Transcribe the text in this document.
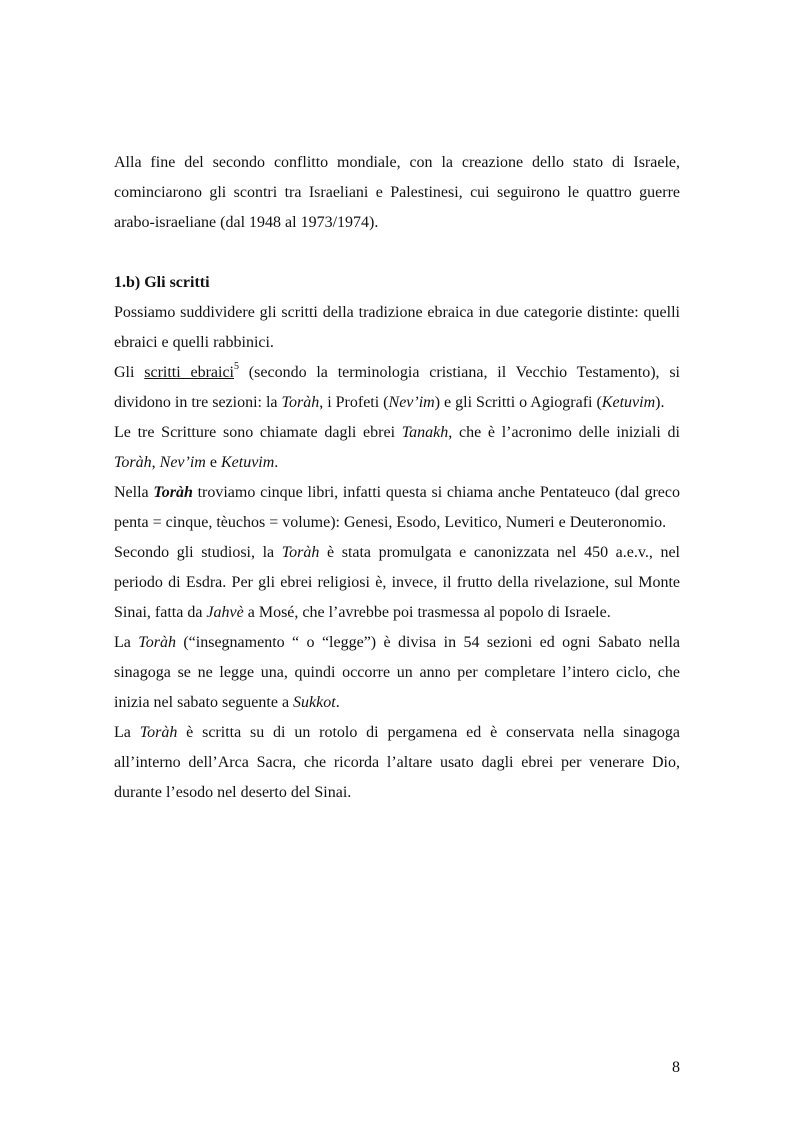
Alla fine del secondo conflitto mondiale, con la creazione dello stato di Israele, cominciarono gli scontri tra Israeliani e Palestinesi, cui seguirono le quattro guerre arabo-israeliane (dal 1948 al 1973/1974).

1.b) Gli scritti

Possiamo suddividere gli scritti della tradizione ebraica in due categorie distinte: quelli ebraici e quelli rabbinici.

Gli scritti ebraici$^5$ (secondo la terminologia cristiana, il Vecchio Testamento), si dividono in tre sezioni: la Toràh, i Profeti (Nev’im) e gli Scritti o Agiografi (Ketuvim).

Le tre Scritture sono chiamate dagli ebrei Tanakh, che è l’acronimo delle iniziali di Toràh, Nev’im e Ketuvim.

Nella Toràh troviamo cinque libri, infatti questa si chiama anche Pentateuco (dal greco penta = cinque, tèuchos = volume): Genesi, Esodo, Levitico, Numeri e Deuteronomio.

Secondo gli studiosi, la Toràh è stata promulgata e canonizzata nel 450 a.e.v., nel periodo di Esdra. Per gli ebrei religiosi è, invece, il frutto della rivelazione, sul Monte Sinai, fatta da Jahvè a Mosé, che l’avrebbe poi trasmessa al popolo di Israele.

La Toràh (“insegnamento “ o “legge”) è divisa in 54 sezioni ed ogni Sabato nella sinagoga se ne legge una, quindi occorre un anno per completare l’intero ciclo, che inizia nel sabato seguente a Sukkot.

La Toràh è scritta su di un rotolo di pergamena ed è conservata nella sinagoga all’interno dell’Arca Sacra, che ricorda l’altare usato dagli ebrei per venerare Dio, durante l’esodo nel deserto del Sinai.

8
